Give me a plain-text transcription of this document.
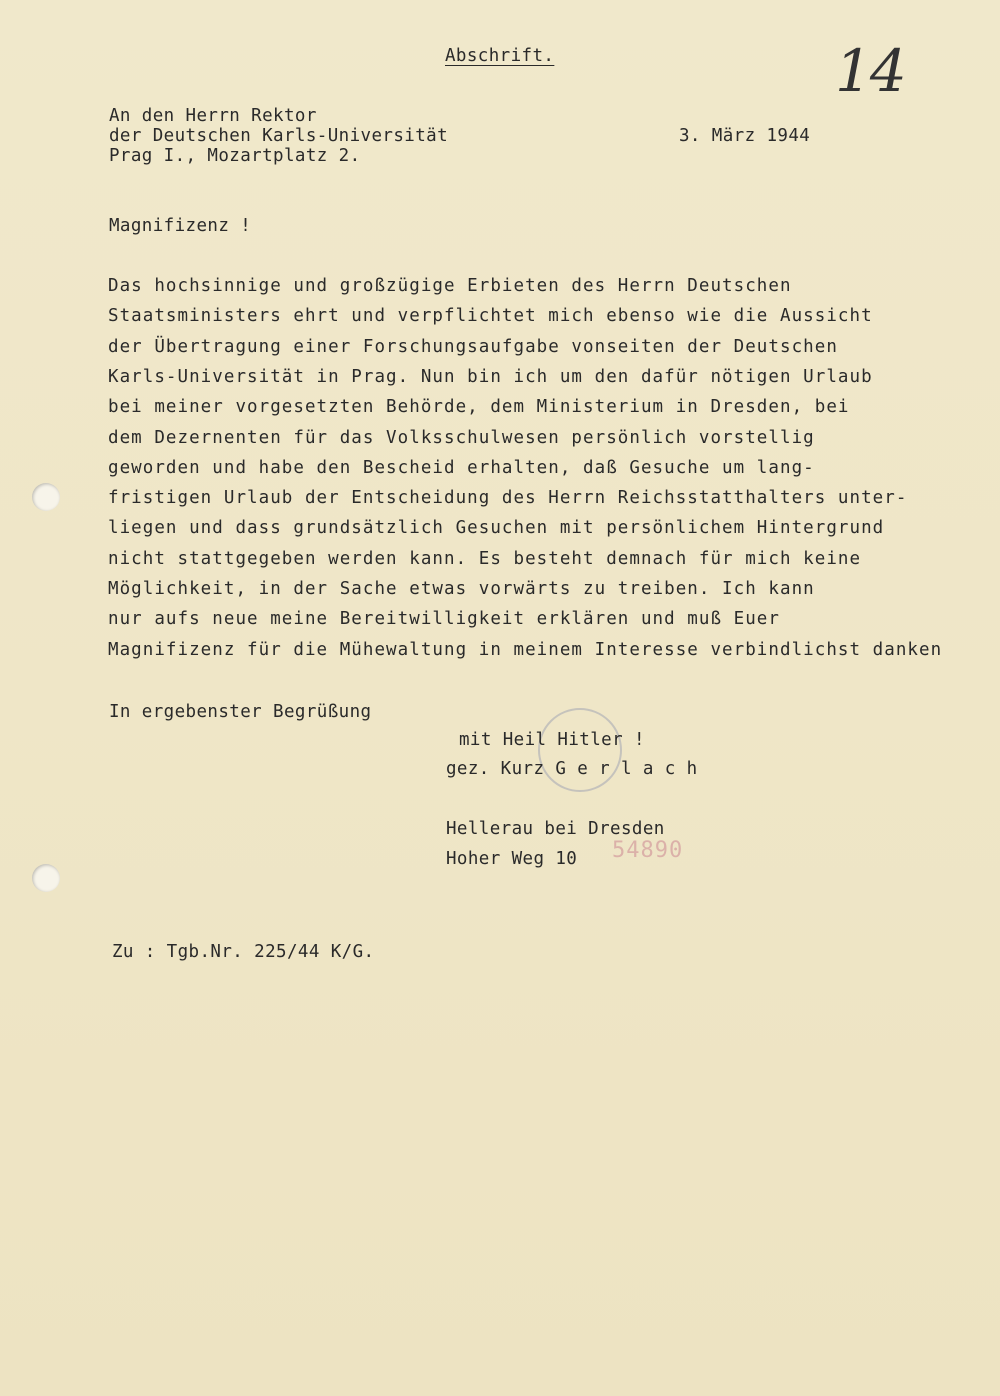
14
Abschrift.
An den Herrn Rektor
der Deutschen Karls-Universität
Prag I., Mozartplatz 2.
3. März 1944
Magnifizenz !
Das hochsinnige und großzügige Erbieten des Herrn Deutschen
Staatsministers ehrt und verpflichtet mich ebenso wie die Aussicht
der Übertragung einer Forschungsaufgabe vonseiten der Deutschen
Karls-Universität in Prag. Nun bin ich um den dafür nötigen Urlaub
bei meiner vorgesetzten Behörde, dem Ministerium in Dresden, bei
dem Dezernenten für das Volksschulwesen persönlich vorstellig
geworden und habe den Bescheid erhalten, daß Gesuche um lang-
fristigen Urlaub der Entscheidung des Herrn Reichsstatthalters unter-
liegen und dass grundsätzlich Gesuchen mit persönlichem Hintergrund
nicht stattgegeben werden kann. Es besteht demnach für mich keine
Möglichkeit, in der Sache etwas vorwärts zu treiben. Ich kann
nur aufs neue meine Bereitwilligkeit erklären und muß Euer
Magnifizenz für die Mühewaltung in meinem Interesse verbindlichst danken
In ergebenster Begrüßung
mit Heil Hitler !
gez. Kurz G e r l a c h
Hellerau bei Dresden
Hoher Weg 10 54890
Zu : Tgb.Nr. 225/44 K/G.
